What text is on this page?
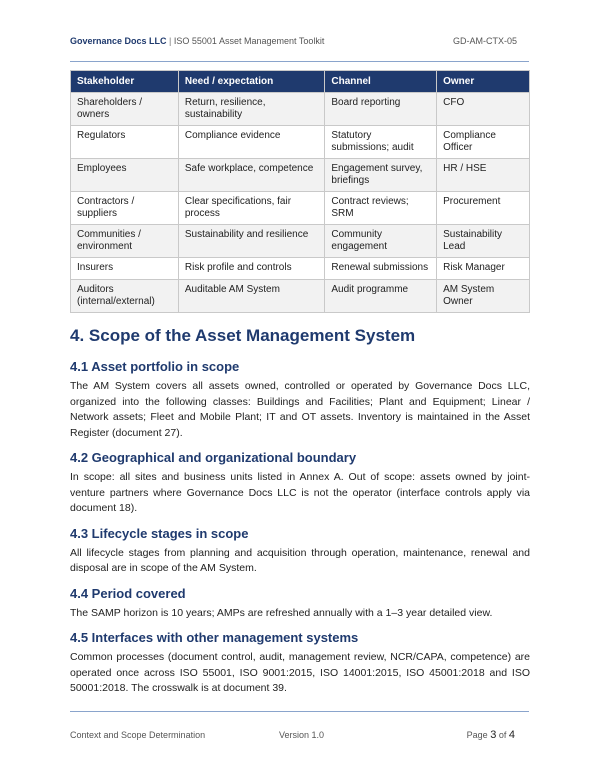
Governance Docs LLC | ISO 55001 Asset Management Toolkit	GD-AM-CTX-05
Stakeholder	Need / expectation	Channel	Owner
Shareholders / owners	Return, resilience, sustainability	Board reporting	CFO
Regulators	Compliance evidence	Statutory submissions; audit	Compliance Officer
Employees	Safe workplace, competence	Engagement survey, briefings	HR / HSE
Contractors / suppliers	Clear specifications, fair process	Contract reviews; SRM	Procurement
Communities / environment	Sustainability and resilience	Community engagement	Sustainability Lead
Insurers	Risk profile and controls	Renewal submissions	Risk Manager
Auditors (internal/external)	Auditable AM System	Audit programme	AM System Owner
4. Scope of the Asset Management System
4.1 Asset portfolio in scope

The AM System covers all assets owned, controlled or operated by Governance Docs LLC, organized into the following classes: Buildings and Facilities; Plant and Equipment; Linear / Network assets; Fleet and Mobile Plant; IT and OT assets. Inventory is maintained in the Asset Register (document 27).

4.2 Geographical and organizational boundary

In scope: all sites and business units listed in Annex A. Out of scope: assets owned by joint-venture partners where Governance Docs LLC is not the operator (interface controls apply via document 18).

4.3 Lifecycle stages in scope

All lifecycle stages from planning and acquisition through operation, maintenance, renewal and disposal are in scope of the AM System.

4.4 Period covered

The SAMP horizon is 10 years; AMPs are refreshed annually with a 1–3 year detailed view.

4.5 Interfaces with other management systems

Common processes (document control, audit, management review, NCR/CAPA, competence) are operated once across ISO 55001, ISO 9001:2015, ISO 14001:2015, ISO 45001:2018 and ISO 50001:2018. The crosswalk is at document 39.

Context and Scope Determination	Version 1.0	Page 3 of 4
